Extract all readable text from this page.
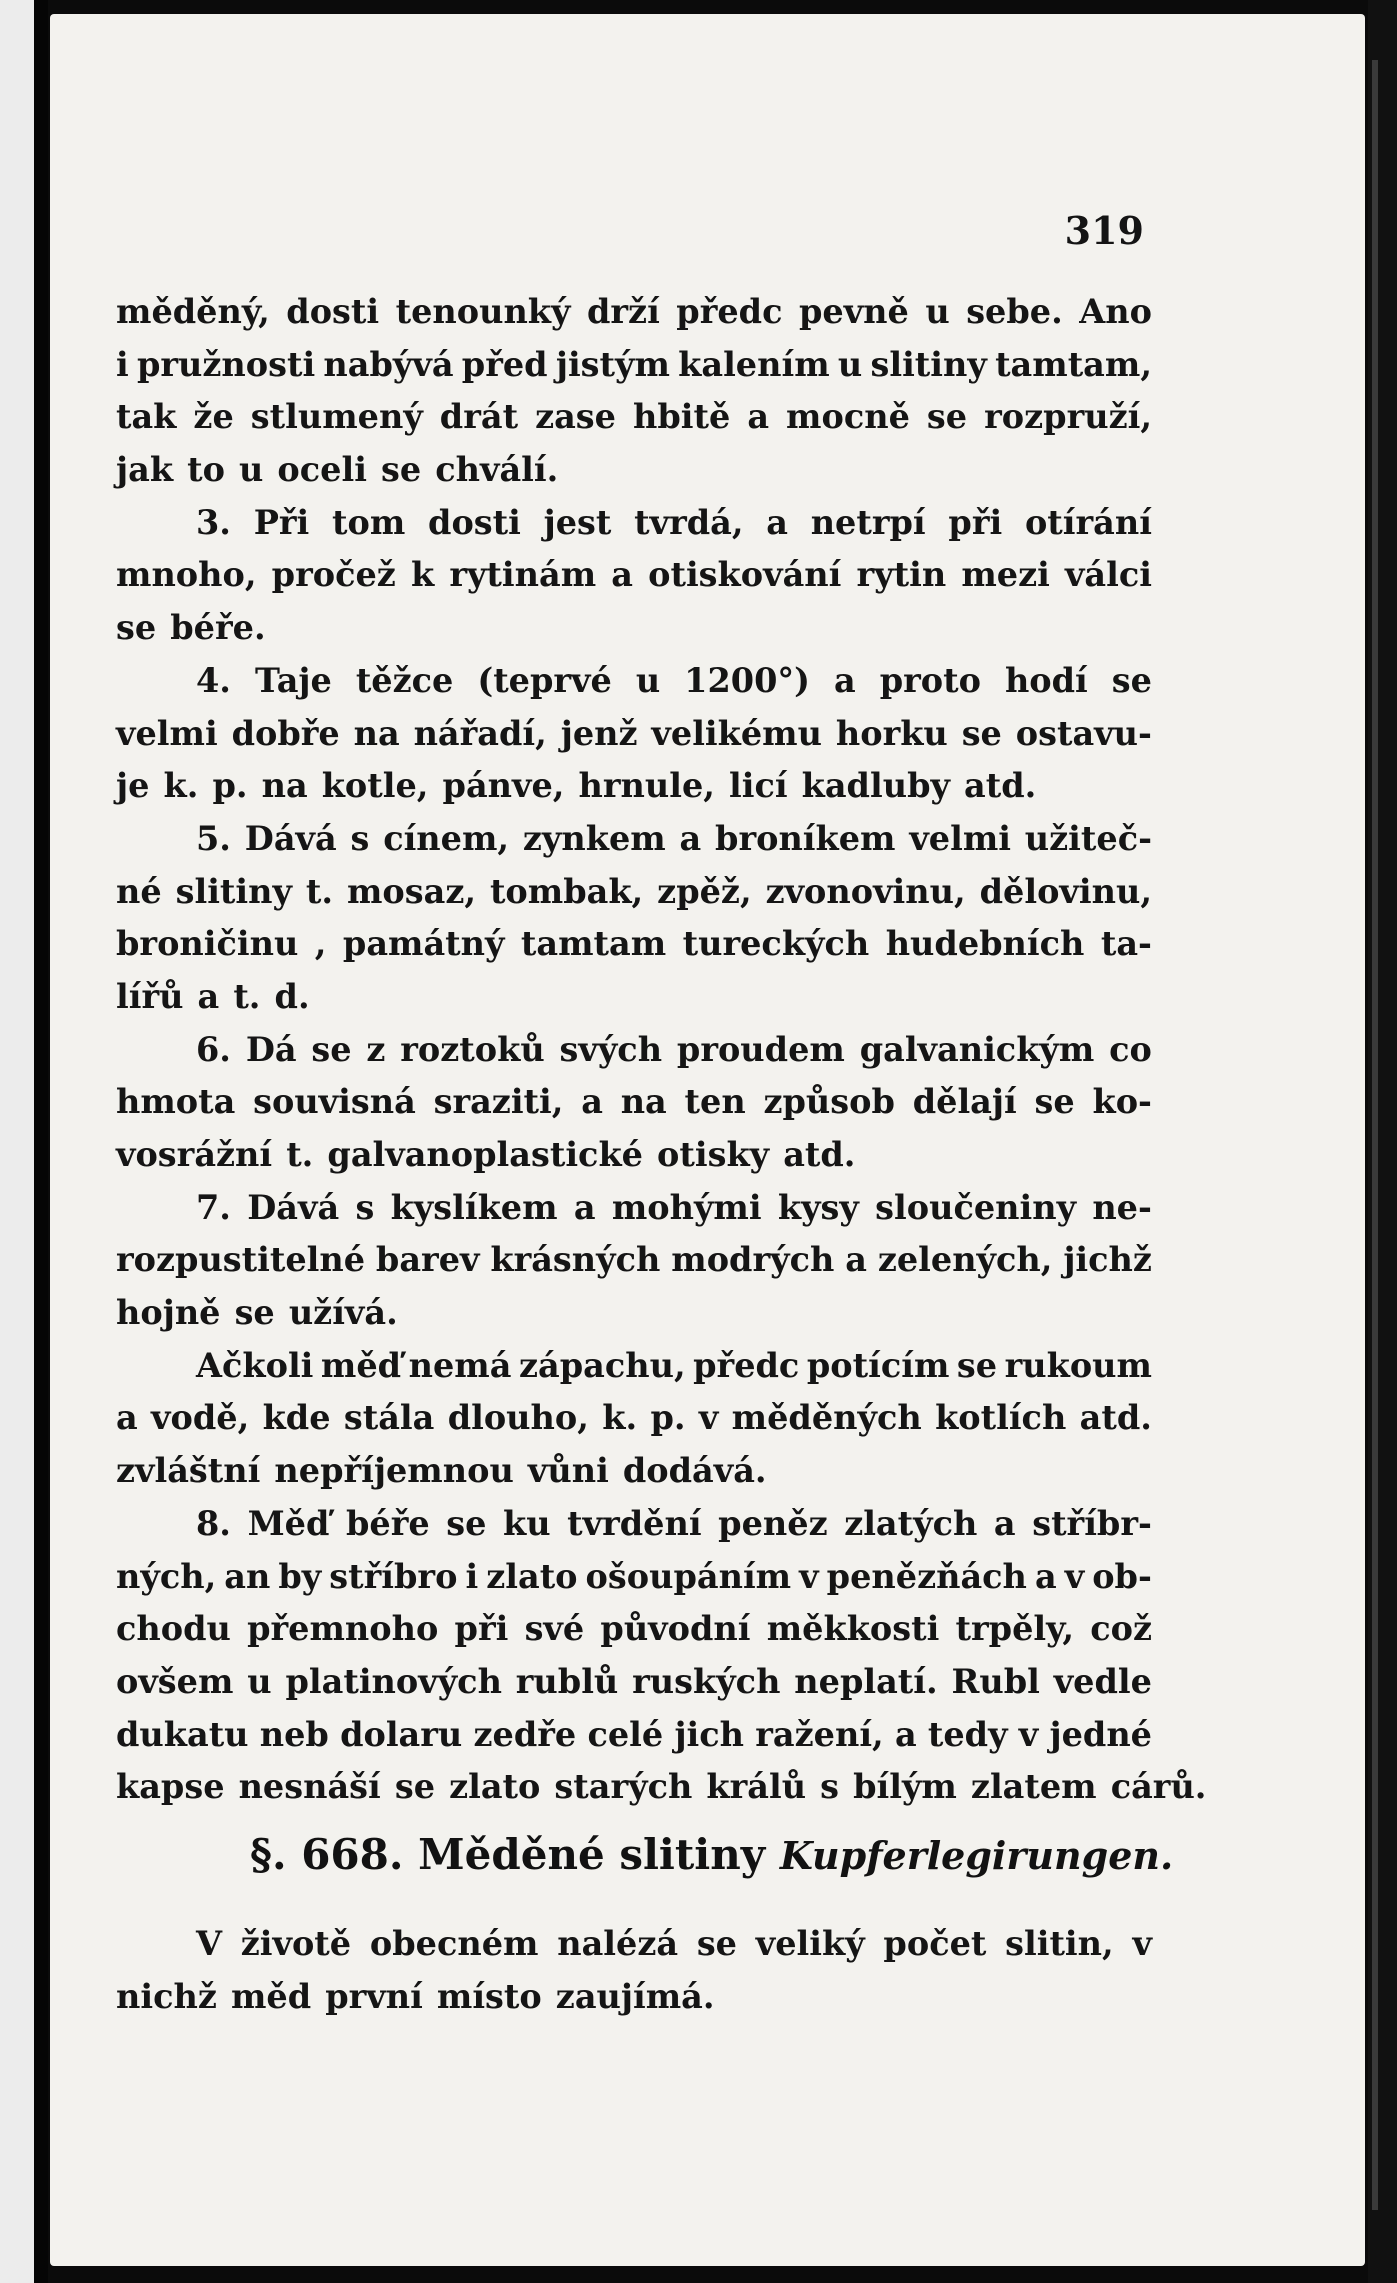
319
měděný, dosti tenounký drží předc pevně u sebe. Ano
i pružnosti nabývá před jistým kalením u slitiny tamtam,
tak že stlumený drát zase hbitě a mocně se rozpruží,
jak to u oceli se chválí.
3. Při tom dosti jest tvrdá, a netrpí při otírání
mnoho, pročež k rytinám a otiskování rytin mezi válci
se béře.
4. Taje těžce (teprvé u 1200°) a proto hodí se
velmi dobře na nářadí, jenž velikému horku se ostavu-
je k. p. na kotle, pánve, hrnule, licí kadluby atd.
5. Dává s cínem, zynkem a broníkem velmi užiteč-
né slitiny t. mosaz, tombak, zpěž, zvonovinu, dělovinu,
broničinu , památný tamtam tureckých hudebních ta-
lířů a t. d.
6. Dá se z roztoků svých proudem galvanickým co
hmota souvisná sraziti, a na ten způsob dělají se ko-
vosrážní t. galvanoplastické otisky atd.
7. Dává s kyslíkem a mohými kysy sloučeniny ne-
rozpustitelné barev krásných modrých a zelených, jichž
hojně se užívá.
Ačkoli měď nemá zápachu, předc potícím se rukoum
a vodě, kde stála dlouho, k. p. v měděných kotlích atd.
zvláštní nepříjemnou vůni dodává.
8. Měď béře se ku tvrdění peněz zlatých a stříbr-
ných, an by stříbro i zlato ošoupáním v penězňách a v ob-
chodu přemnoho při své původní měkkosti trpěly, což
ovšem u platinových rublů ruských neplatí. Rubl vedle
dukatu neb dolaru zedře celé jich ražení, a tedy v jedné
kapse nesnáší se zlato starých králů s bílým zlatem cárů.
§. 668. Měděné slitiny Kupferlegirungen.
V životě obecném nalézá se veliký počet slitin, v
nichž měd první místo zaujímá.
